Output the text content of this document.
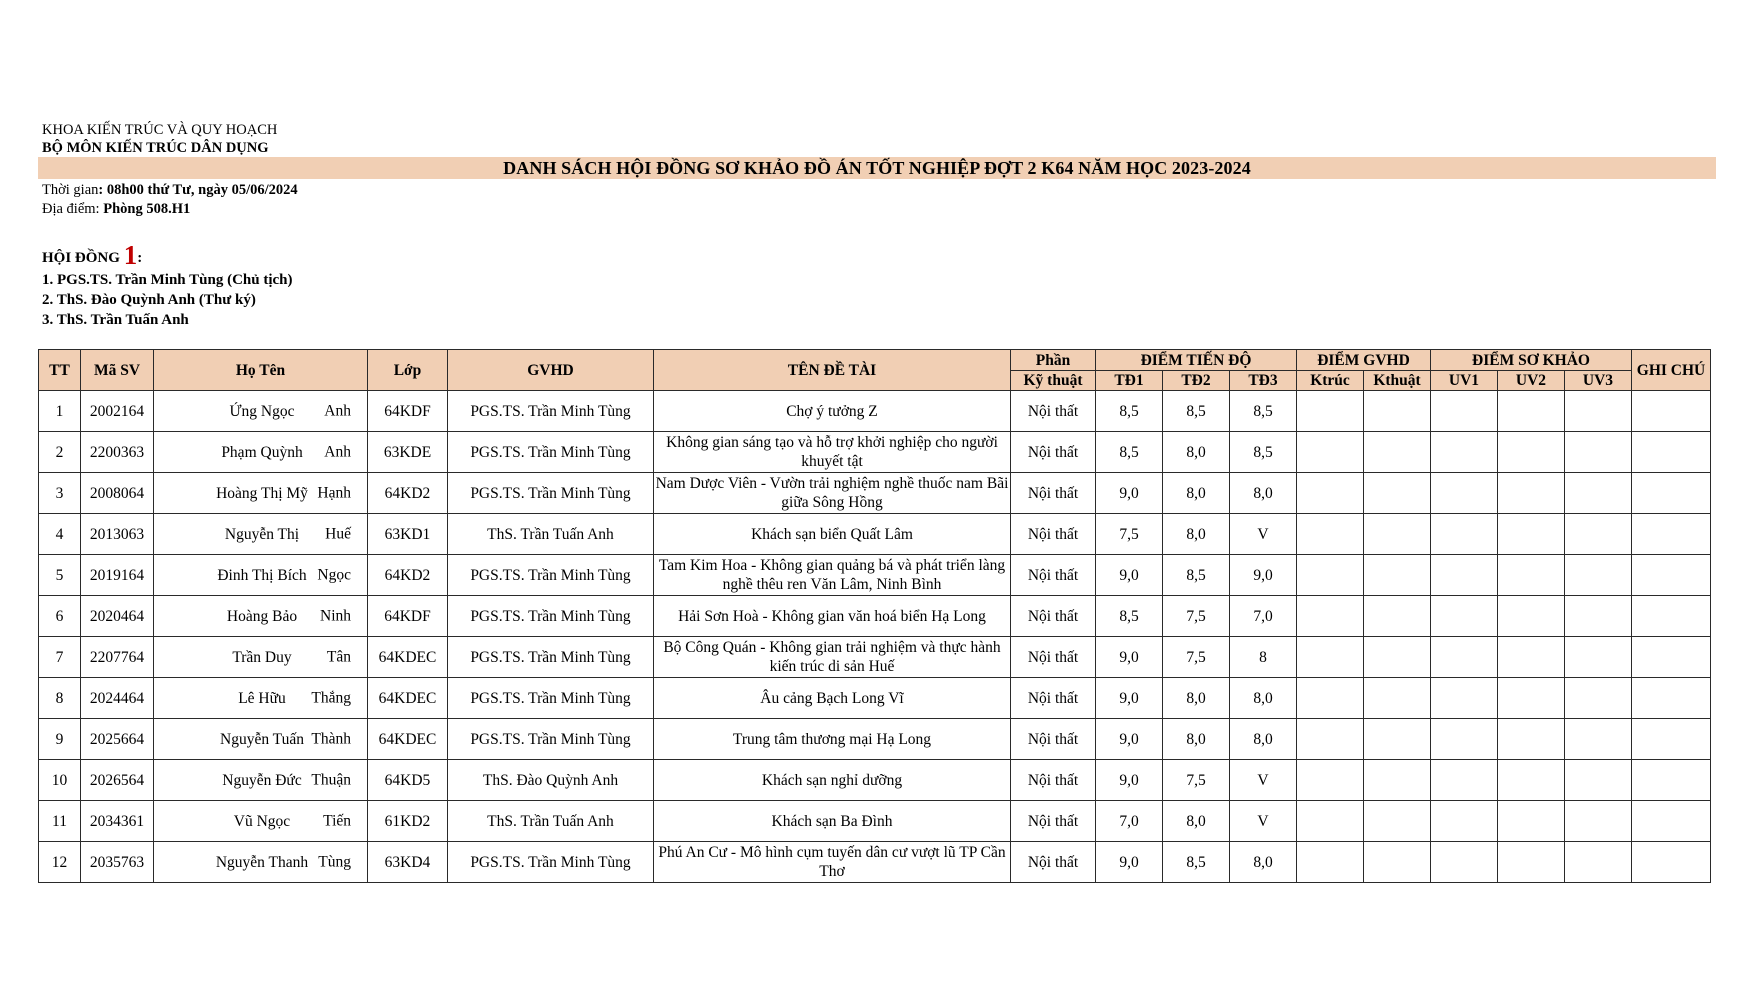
KHOA KIẾN TRÚC VÀ QUY HOẠCH
BỘ MÔN KIẾN TRÚC DÂN DỤNG
DANH SÁCH HỘI ĐỒNG SƠ KHẢO ĐỒ ÁN TỐT NGHIỆP ĐỢT 2 K64 NĂM HỌC 2023-2024
Thời gian: 08h00 thứ Tư, ngày 05/06/2024
Địa điểm: Phòng 508.H1
HỘI ĐỒNG 1:
1. PGS.TS. Trần Minh Tùng (Chủ tịch)
2. ThS. Đào Quỳnh Anh (Thư ký)
3. ThS. Trần Tuấn Anh
TT	Mã SV	Họ Tên	Lớp	GVHD	TÊN ĐỀ TÀI	Phần	ĐIỂM TIẾN ĐỘ			ĐIỂM GVHD		ĐIỂM SƠ KHẢO			GHI CHÚ
						Kỹ thuật	TĐ1	TĐ2	TĐ3	Ktrúc	Kthuật	UV1	UV2	UV3	
1	2002164	Ứng Ngọc Anh	64KDF	PGS.TS. Trần Minh Tùng	Chợ ý tưởng Z	Nội thất	8,5	8,5	8,5						
2	2200363	Phạm Quỳnh Anh	63KDE	PGS.TS. Trần Minh Tùng	Không gian sáng tạo và hỗ trợ khởi nghiệp cho người khuyết tật	Nội thất	8,5	8,0	8,5						
3	2008064	Hoàng Thị Mỹ Hạnh	64KD2	PGS.TS. Trần Minh Tùng	Nam Dược Viên - Vườn trải nghiệm nghề thuốc nam Bãi giữa Sông Hồng	Nội thất	9,0	8,0	8,0						
4	2013063	Nguyễn Thị Huế	63KD1	ThS. Trần Tuấn Anh	Khách sạn biển Quất Lâm	Nội thất	7,5	8,0	V						
5	2019164	Đinh Thị Bích Ngọc	64KD2	PGS.TS. Trần Minh Tùng	Tam Kim Hoa - Không gian quảng bá và phát triển làng nghề thêu ren Văn Lâm, Ninh Bình	Nội thất	9,0	8,5	9,0						
6	2020464	Hoàng Bảo Ninh	64KDF	PGS.TS. Trần Minh Tùng	Hải Sơn Hoà - Không gian văn hoá biển Hạ Long	Nội thất	8,5	7,5	7,0						
7	2207764	Trần Duy Tân	64KDEC	PGS.TS. Trần Minh Tùng	Bộ Công Quán - Không gian trải nghiệm và thực hành kiến trúc di sản Huế	Nội thất	9,0	7,5	8						
8	2024464	Lê Hữu Thắng	64KDEC	PGS.TS. Trần Minh Tùng	Âu cảng Bạch Long Vĩ	Nội thất	9,0	8,0	8,0						
9	2025664	Nguyễn Tuấn Thành	64KDEC	PGS.TS. Trần Minh Tùng	Trung tâm thương mại Hạ Long	Nội thất	9,0	8,0	8,0						
10	2026564	Nguyễn Đức Thuận	64KD5	ThS. Đào Quỳnh Anh	Khách sạn nghỉ dưỡng	Nội thất	9,0	7,5	V						
11	2034361	Vũ Ngọc Tiến	61KD2	ThS. Trần Tuấn Anh	Khách sạn Ba Đình	Nội thất	7,0	8,0	V						
12	2035763	Nguyễn Thanh Tùng	63KD4	PGS.TS. Trần Minh Tùng	Phú An Cư - Mô hình cụm tuyến dân cư vượt lũ TP Cần Thơ	Nội thất	9,0	8,5	8,0						
